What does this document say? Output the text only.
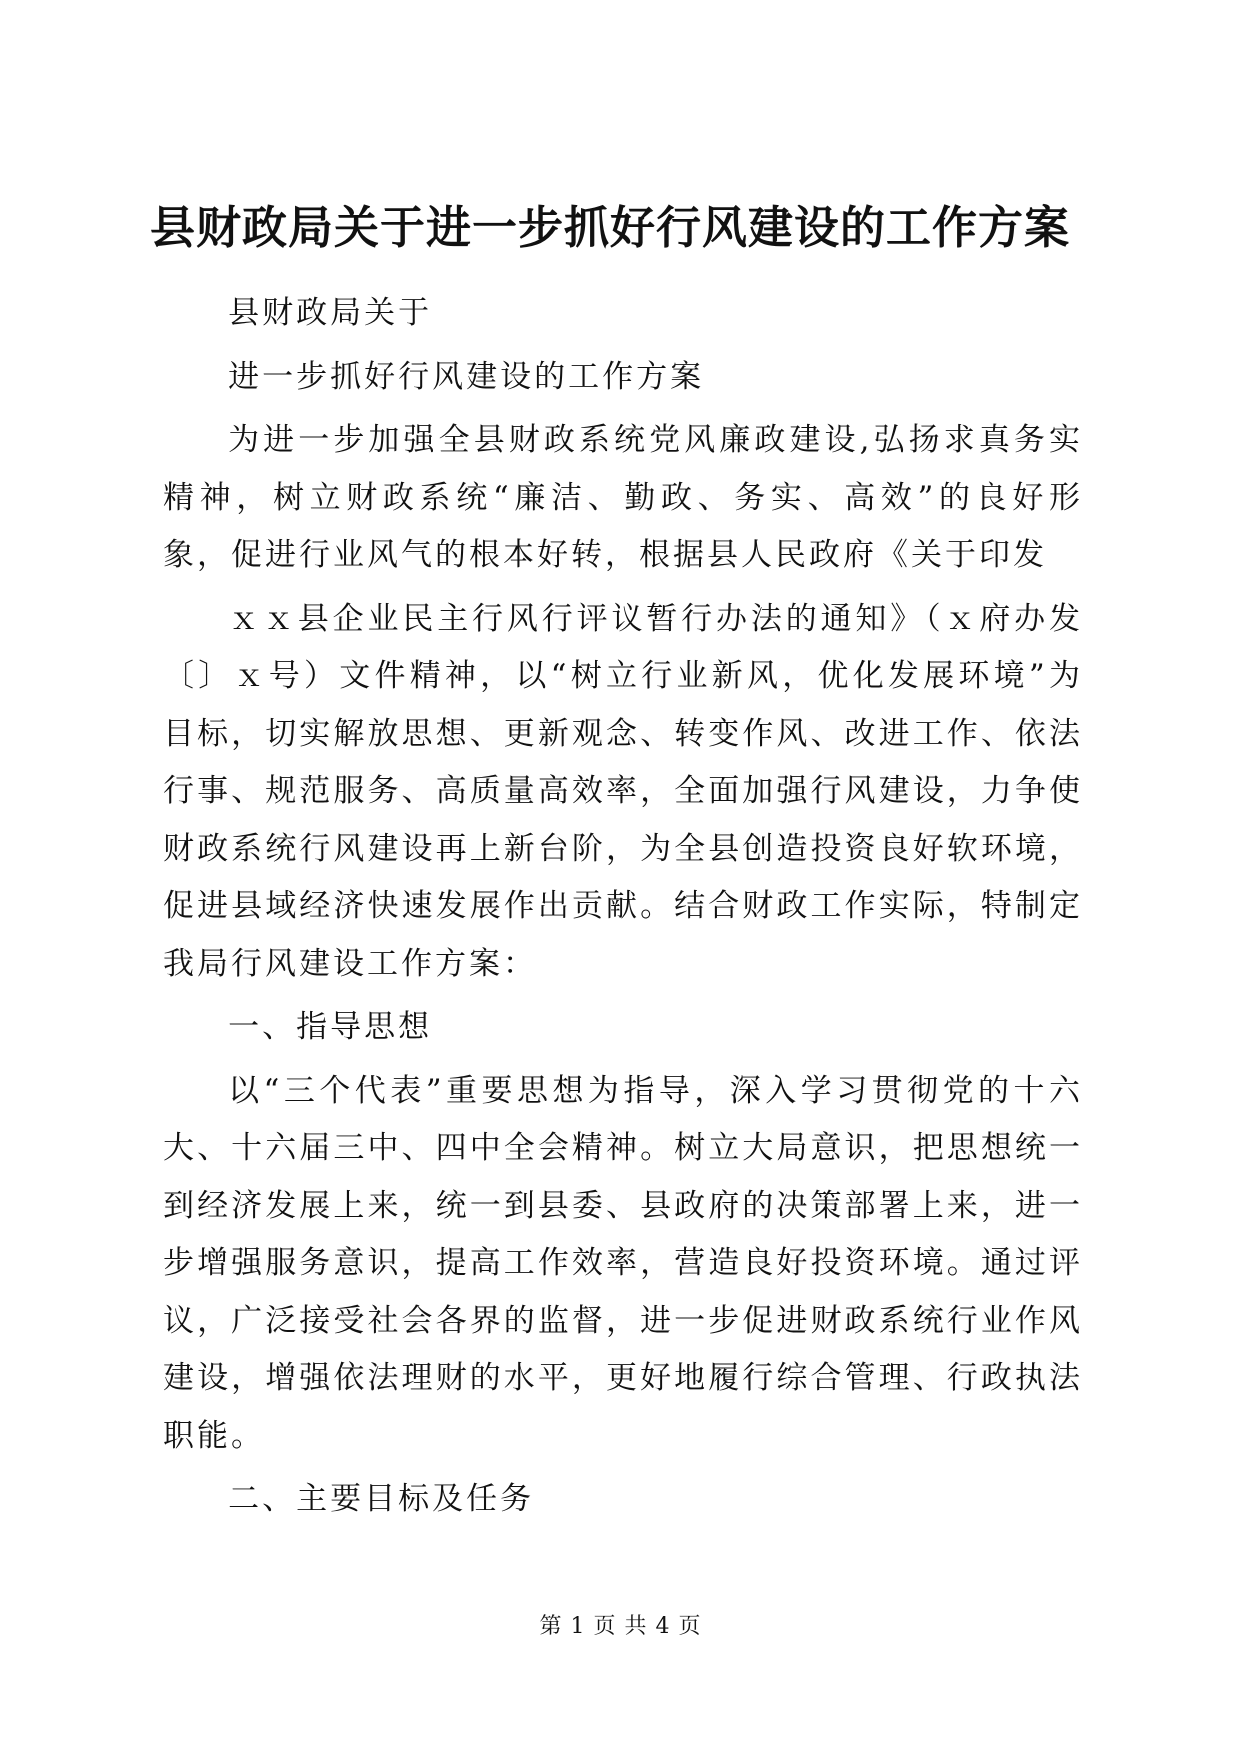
县财政局关于进一步抓好行风建设的工作方案

县财政局关于

进一步抓好行风建设的工作方案

为进一步加强全县财政系统党风廉政建设,弘扬求真务实精神，树立财政系统“廉洁、勤政、务实、高效”的良好形象，促进行业风气的根本好转，根据县人民政府《关于印发

ｘｘ县企业民主行风行评议暂行办法的通知》（ｘ府办发〔〕ｘ号）文件精神，以“树立行业新风，优化发展环境”为目标，切实解放思想、更新观念、转变作风、改进工作、依法行事、规范服务、高质量高效率，全面加强行风建设，力争使财政系统行风建设再上新台阶，为全县创造投资良好软环境，促进县域经济快速发展作出贡献。结合财政工作实际，特制定我局行风建设工作方案：

一、指导思想

以“三个代表”重要思想为指导，深入学习贯彻党的十六大、十六届三中、四中全会精神。树立大局意识，把思想统一到经济发展上来，统一到县委、县政府的决策部署上来，进一步增强服务意识，提高工作效率，营造良好投资环境。通过评议，广泛接受社会各界的监督，进一步促进财政系统行业作风建设，增强依法理财的水平，更好地履行综合管理、行政执法职能。

二、主要目标及任务

第 1 页 共 4 页
